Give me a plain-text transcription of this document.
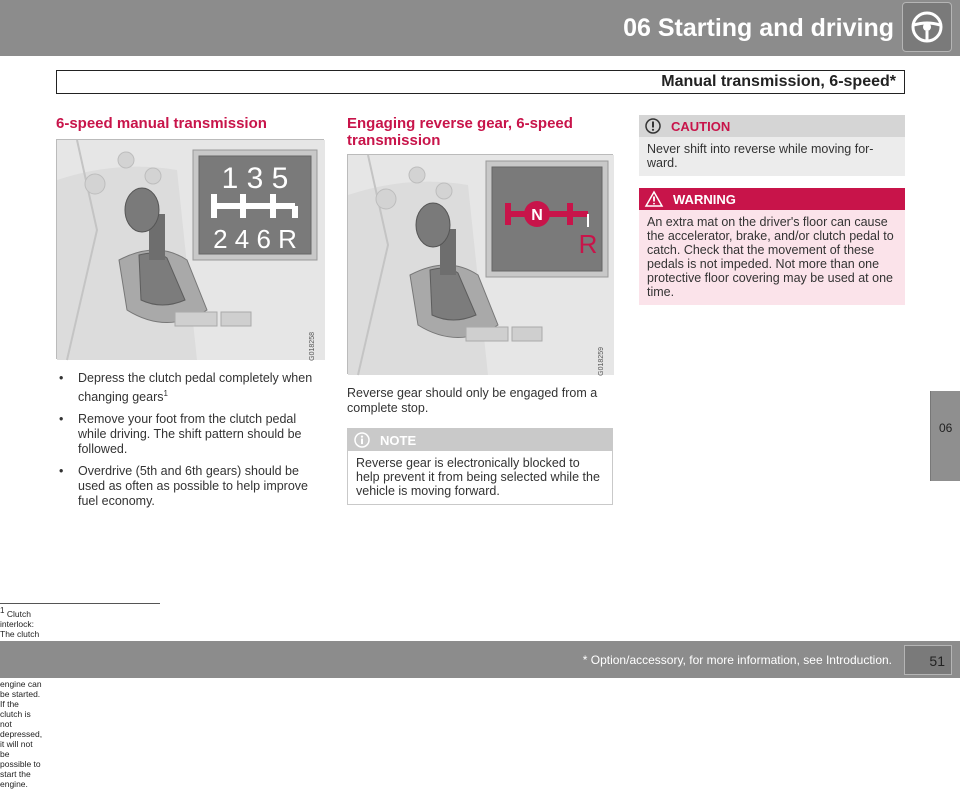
06 Starting and driving
Manual transmission, 6-speed*
06
6-speed manual transmission
1 3 5
2 4 6 R
G018258
• Depress the clutch pedal completely when changing gears$^1$
• Remove your foot from the clutch pedal while driving. The shift pattern should be followed.
• Overdrive (5th and 6th gears) should be used as often as possible to help improve fuel economy.
Engaging reverse gear, 6-speed transmission
N
R
G018259
Reverse gear should only be engaged from a complete stop.
NOTE
Reverse gear is electronically blocked to help prevent it from being selected while the vehicle is moving forward.
CAUTION
Never shift into reverse while moving for-ward.
WARNING
An extra mat on the driver's floor can cause the accelerator, brake, and/or clutch pedal to catch. Check that the movement of these pedals is not impeded. Not more than one protective floor covering may be used at one time.
$^1$ Clutch interlock: The clutch engine can be started. If the clutch is not depressed, it will not be possible to start the engine.
* Option/accessory, for more information, see Introduction.	51
